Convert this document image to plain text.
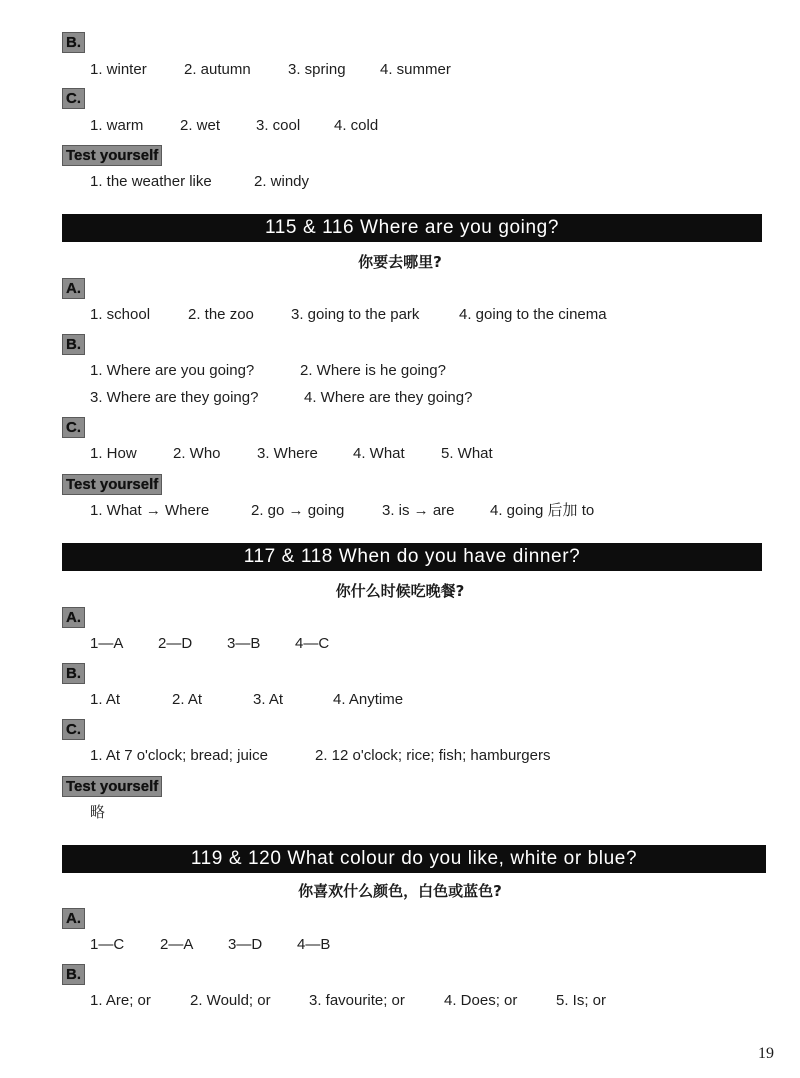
B.
1. winter 2. autumn 3. spring 4. summer
C.
1. warm 2. wet 3. cool 4. cold
Test yourself
1. the weather like	2. windy
115 & 116 Where are you going?
你要去哪里?
A.
1. school	2. the zoo 3. going to the park	4. going to the cinema
B.
1. Where are you going?	2. Where is he going?
3. Where are they going?	4. Where are they going?
C.
1. How 2. Who 3. Where 4. What 5. What
Test yourself
1. What → Where	2. go → going	3. is → are 4. going 后加 to
117 & 118 When do you have dinner?
你什么时候吃晚餐?
A.
1—A 2—D 3—B 4—C
B.
1. At	2. At	3. At	4. Anytime
C.
1. At 7 o'clock; bread; juice	2. 12 o'clock; rice; fish; hamburgers
Test yourself
略
119 & 120 What colour do you like, white or blue?
你喜欢什么颜色，白色或蓝色?
A.
1—C 2—A 3—D 4—B
B.
1. Are; or	2. Would; or	3. favourite; or	4. Does; or	5. Is; or
19
